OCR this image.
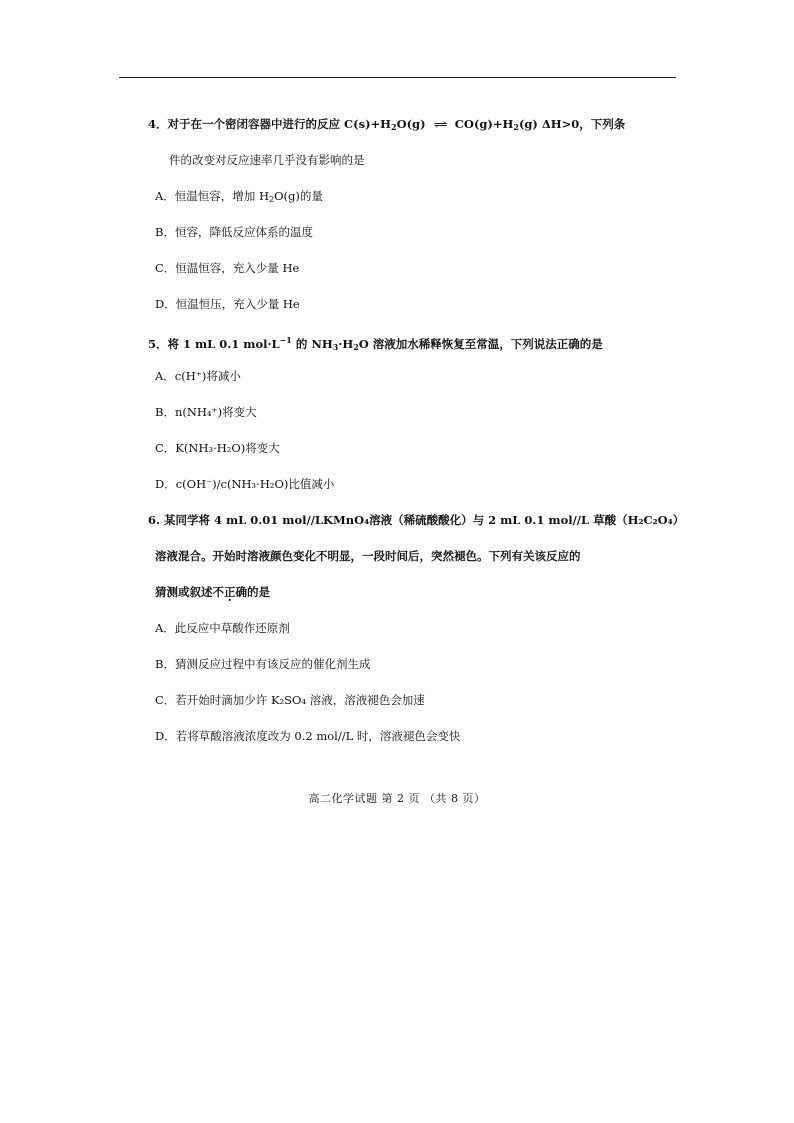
4．对于在一个密闭容器中进行的反应 $C(s)+H_2O(g)$ ⇌ $CO(g)+H_2(g)$ ΔH>0，下列条
件的改变对反应速率几乎没有影响的是
A．恒温恒容，增加 $H_2O(g)$的量
B．恒容，降低反应体系的温度
C．恒温恒容，充入少量 He
D．恒温恒压，充入少量 He
5．将 1 mL 0.1 $mol\cdot L^{-1}$ 的 $NH_3\cdot H_2O$ 溶液加水稀释恢复至常温，下列说法正确的是
A．c(H⁺)将减小
B．n(NH₄⁺)将变大
C．K(NH₃·H₂O)将变大
D．c(OH⁻)/c(NH₃·H₂O)比值减小
6. 某同学将 4 mL 0.01 mol//LKMnO₄溶液（稀硫酸酸化）与 2 mL 0.1 mol//L 草酸（H₂C₂O₄）
溶液混合。开始时溶液颜色变化不明显，一段时间后，突然褪色。下列有关该反应的
猜测或叙述不正确的是
A．此反应中草酸作还原剂
B．猜测反应过程中有该反应的催化剂生成
C．若开始时滴加少许 K₂SO₄ 溶液，溶液褪色会加速
D．若将草酸溶液浓度改为 0.2 mol//L 时，溶液褪色会变快
高二化学试题 第 2 页 （共 8 页）
